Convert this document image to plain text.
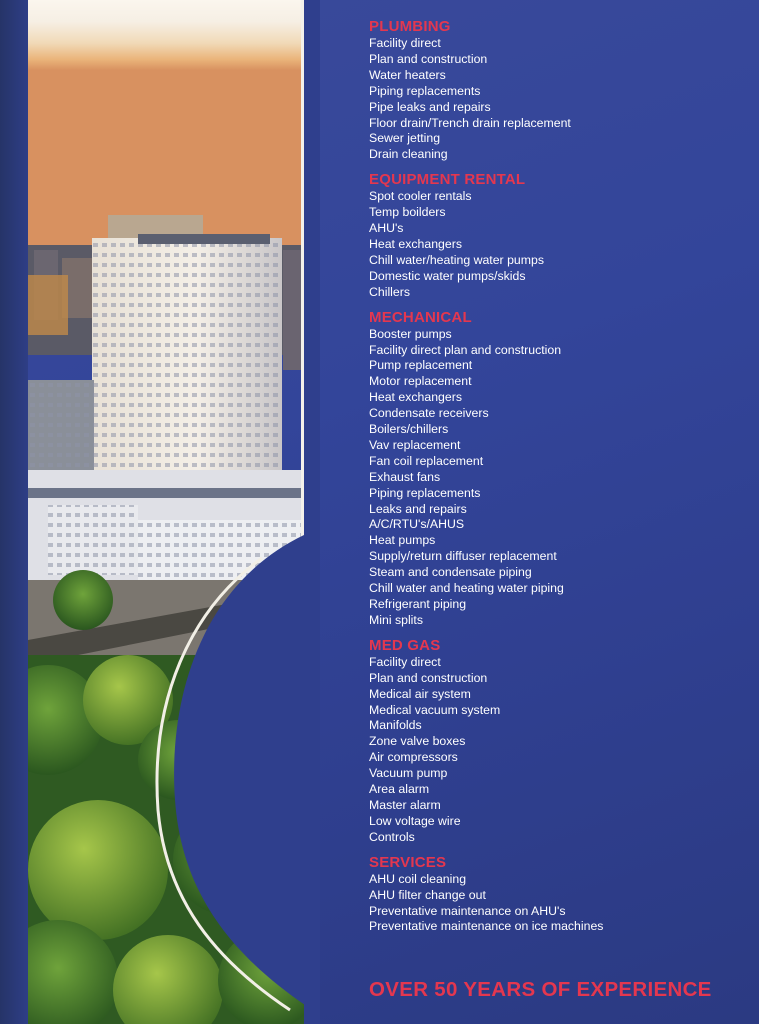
PLUMBING
Facility direct
Plan and construction
Water heaters
Piping replacements
Pipe leaks and repairs
Floor drain/Trench drain replacement
Sewer jetting
Drain cleaning
EQUIPMENT RENTAL
Spot cooler rentals
Temp boilders
AHU's
Heat exchangers
Chill water/heating water pumps
Domestic water pumps/skids
Chillers
MECHANICAL
Booster pumps
Facility direct plan and construction
Pump replacement
Motor replacement
Heat exchangers
Condensate receivers
Boilers/chillers
Vav replacement
Fan coil replacement
Exhaust fans
Piping replacements
Leaks and repairs
A/C/RTU's/AHUS
Heat pumps
Supply/return diffuser replacement
Steam and condensate piping
Chill water and heating water piping
Refrigerant piping
Mini splits
MED GAS
Facility direct
Plan and construction
Medical air system
Medical vacuum system
Manifolds
Zone valve boxes
Air compressors
Vacuum pump
Area alarm
Master alarm
Low voltage wire
Controls
SERVICES
AHU coil cleaning
AHU filter change out
Preventative maintenance on AHU's
Preventative maintenance on ice machines
OVER 50 YEARS OF EXPERIENCE
